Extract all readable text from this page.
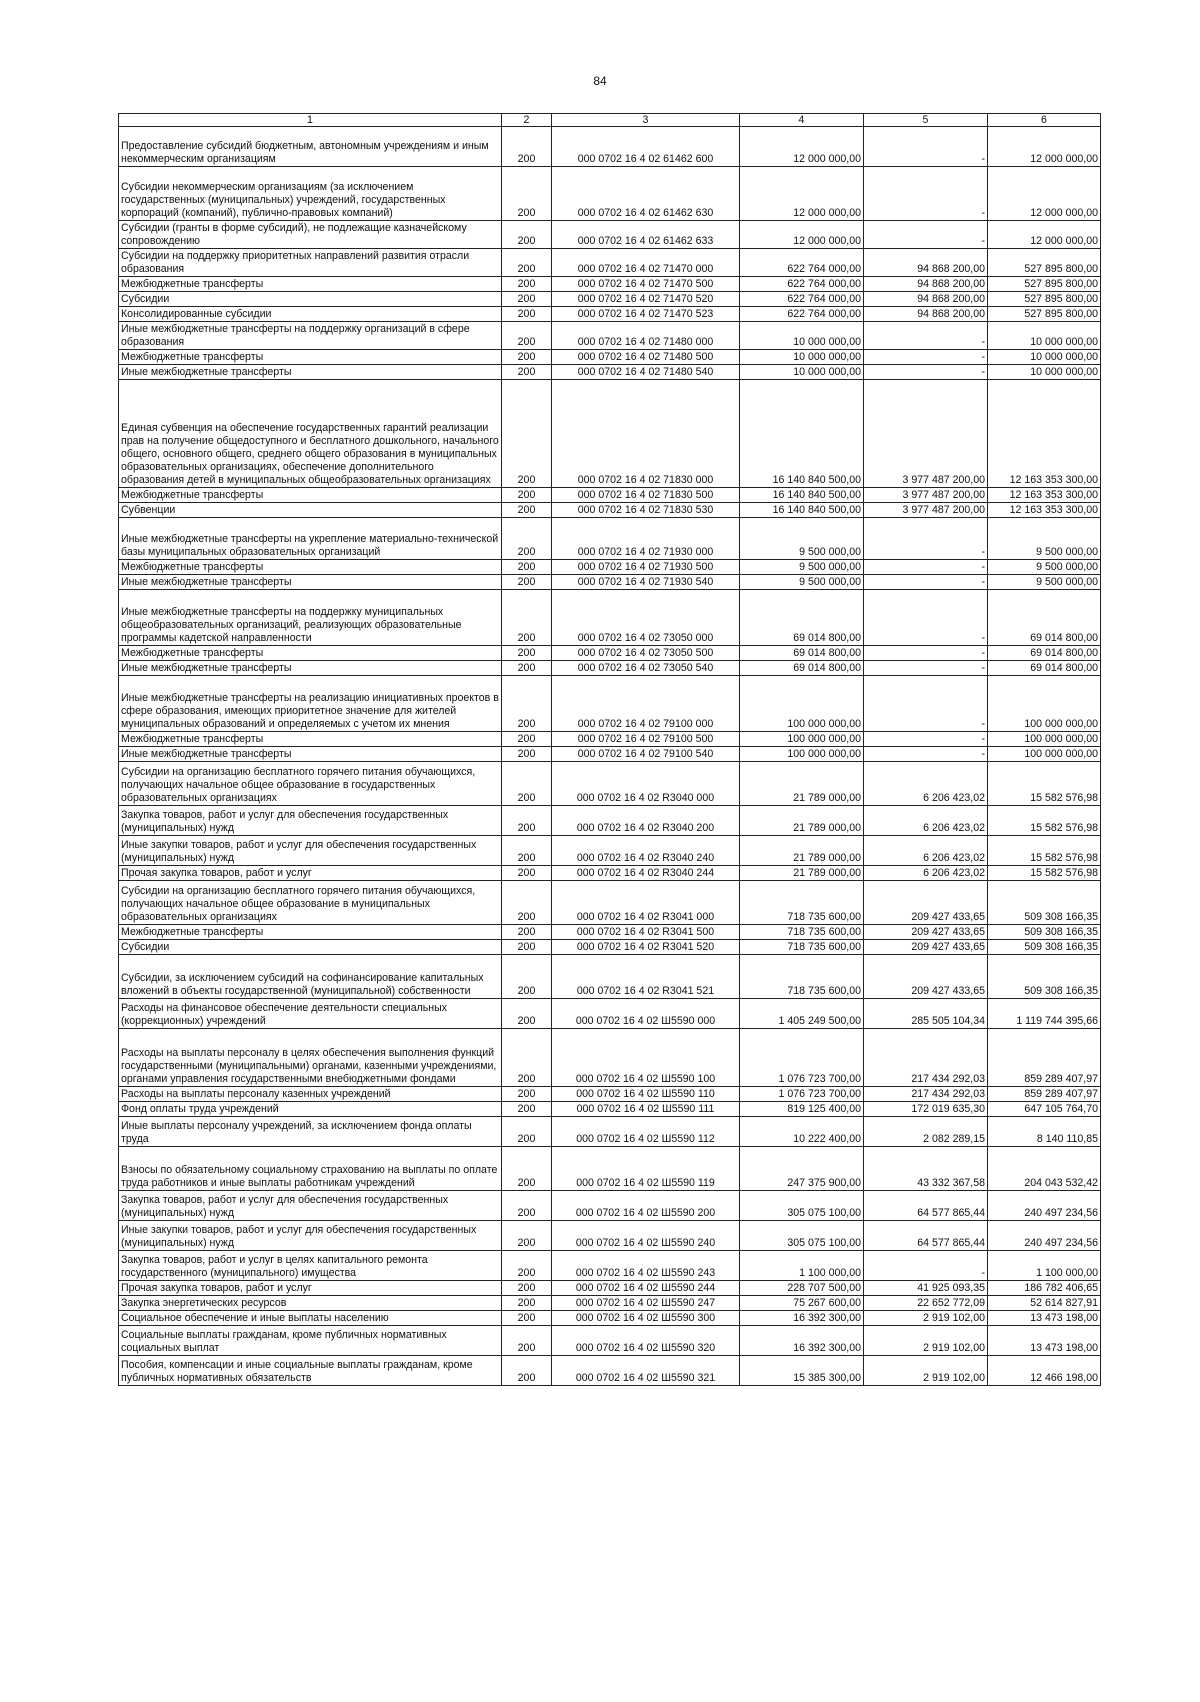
84
1	2	3	4	5	6
Предоставление субсидий бюджетным, автономным учреждениям и иным некоммерческим организациям	200	000 0702 16 4 02 61462 600	12 000 000,00	-	12 000 000,00
Субсидии некоммерческим организациям (за исключением государственных (муниципальных) учреждений, государственных корпораций (компаний), публично-правовых компаний)	200	000 0702 16 4 02 61462 630	12 000 000,00	-	12 000 000,00
Субсидии (гранты в форме субсидий), не подлежащие казначейскому сопровождению	200	000 0702 16 4 02 61462 633	12 000 000,00	-	12 000 000,00
Субсидии на поддержку приоритетных направлений развития отрасли образования	200	000 0702 16 4 02 71470 000	622 764 000,00	94 868 200,00	527 895 800,00
Межбюджетные трансферты	200	000 0702 16 4 02 71470 500	622 764 000,00	94 868 200,00	527 895 800,00
Субсидии	200	000 0702 16 4 02 71470 520	622 764 000,00	94 868 200,00	527 895 800,00
Консолидированные субсидии	200	000 0702 16 4 02 71470 523	622 764 000,00	94 868 200,00	527 895 800,00
Иные межбюджетные трансферты на поддержку организаций в сфере образования	200	000 0702 16 4 02 71480 000	10 000 000,00	-	10 000 000,00
Межбюджетные трансферты	200	000 0702 16 4 02 71480 500	10 000 000,00	-	10 000 000,00
Иные межбюджетные трансферты	200	000 0702 16 4 02 71480 540	10 000 000,00	-	10 000 000,00
Единая субвенция на обеспечение государственных гарантий реализации прав на получение общедоступного и бесплатного дошкольного, начального общего, основного общего, среднего общего образования в муниципальных образовательных организациях, обеспечение дополнительного образования детей в муниципальных общеобразовательных организациях	200	000 0702 16 4 02 71830 000	16 140 840 500,00	3 977 487 200,00	12 163 353 300,00
Межбюджетные трансферты	200	000 0702 16 4 02 71830 500	16 140 840 500,00	3 977 487 200,00	12 163 353 300,00
Субвенции	200	000 0702 16 4 02 71830 530	16 140 840 500,00	3 977 487 200,00	12 163 353 300,00
Иные межбюджетные трансферты на укрепление материально-технической базы муниципальных образовательных организаций	200	000 0702 16 4 02 71930 000	9 500 000,00	-	9 500 000,00
Межбюджетные трансферты	200	000 0702 16 4 02 71930 500	9 500 000,00	-	9 500 000,00
Иные межбюджетные трансферты	200	000 0702 16 4 02 71930 540	9 500 000,00	-	9 500 000,00
Иные межбюджетные трансферты на поддержку муниципальных общеобразовательных организаций, реализующих образовательные программы кадетской направленности	200	000 0702 16 4 02 73050 000	69 014 800,00	-	69 014 800,00
Межбюджетные трансферты	200	000 0702 16 4 02 73050 500	69 014 800,00	-	69 014 800,00
Иные межбюджетные трансферты	200	000 0702 16 4 02 73050 540	69 014 800,00	-	69 014 800,00
Иные межбюджетные трансферты на реализацию инициативных проектов в сфере образования, имеющих приоритетное значение для жителей муниципальных образований и определяемых с учетом их мнения	200	000 0702 16 4 02 79100 000	100 000 000,00	-	100 000 000,00
Межбюджетные трансферты	200	000 0702 16 4 02 79100 500	100 000 000,00	-	100 000 000,00
Иные межбюджетные трансферты	200	000 0702 16 4 02 79100 540	100 000 000,00	-	100 000 000,00
Субсидии на организацию бесплатного горячего питания обучающихся, получающих начальное общее образование в государственных образовательных организациях	200	000 0702 16 4 02 R3040 000	21 789 000,00	6 206 423,02	15 582 576,98
Закупка товаров, работ и услуг для обеспечения государственных (муниципальных) нужд	200	000 0702 16 4 02 R3040 200	21 789 000,00	6 206 423,02	15 582 576,98
Иные закупки товаров, работ и услуг для обеспечения государственных (муниципальных) нужд	200	000 0702 16 4 02 R3040 240	21 789 000,00	6 206 423,02	15 582 576,98
Прочая закупка товаров, работ и услуг	200	000 0702 16 4 02 R3040 244	21 789 000,00	6 206 423,02	15 582 576,98
Субсидии на организацию бесплатного горячего питания обучающихся, получающих начальное общее образование в муниципальных образовательных организациях	200	000 0702 16 4 02 R3041 000	718 735 600,00	209 427 433,65	509 308 166,35
Межбюджетные трансферты	200	000 0702 16 4 02 R3041 500	718 735 600,00	209 427 433,65	509 308 166,35
Субсидии	200	000 0702 16 4 02 R3041 520	718 735 600,00	209 427 433,65	509 308 166,35
Субсидии, за исключением субсидий на софинансирование капитальных вложений в объекты государственной (муниципальной) собственности	200	000 0702 16 4 02 R3041 521	718 735 600,00	209 427 433,65	509 308 166,35
Расходы на финансовое обеспечение деятельности специальных (коррекционных) учреждений	200	000 0702 16 4 02 Ш5590 000	1 405 249 500,00	285 505 104,34	1 119 744 395,66
Расходы на выплаты персоналу в целях обеспечения выполнения функций государственными (муниципальными) органами, казенными учреждениями, органами управления государственными внебюджетными фондами	200	000 0702 16 4 02 Ш5590 100	1 076 723 700,00	217 434 292,03	859 289 407,97
Расходы на выплаты персоналу казенных учреждений	200	000 0702 16 4 02 Ш5590 110	1 076 723 700,00	217 434 292,03	859 289 407,97
Фонд оплаты труда учреждений	200	000 0702 16 4 02 Ш5590 111	819 125 400,00	172 019 635,30	647 105 764,70
Иные выплаты персоналу учреждений, за исключением фонда оплаты труда	200	000 0702 16 4 02 Ш5590 112	10 222 400,00	2 082 289,15	8 140 110,85
Взносы по обязательному социальному страхованию на выплаты по оплате труда работников и иные выплаты работникам учреждений	200	000 0702 16 4 02 Ш5590 119	247 375 900,00	43 332 367,58	204 043 532,42
Закупка товаров, работ и услуг для обеспечения государственных (муниципальных) нужд	200	000 0702 16 4 02 Ш5590 200	305 075 100,00	64 577 865,44	240 497 234,56
Иные закупки товаров, работ и услуг для обеспечения государственных (муниципальных) нужд	200	000 0702 16 4 02 Ш5590 240	305 075 100,00	64 577 865,44	240 497 234,56
Закупка товаров, работ и услуг в целях капитального ремонта государственного (муниципального) имущества	200	000 0702 16 4 02 Ш5590 243	1 100 000,00	-	1 100 000,00
Прочая закупка товаров, работ и услуг	200	000 0702 16 4 02 Ш5590 244	228 707 500,00	41 925 093,35	186 782 406,65
Закупка энергетических ресурсов	200	000 0702 16 4 02 Ш5590 247	75 267 600,00	22 652 772,09	52 614 827,91
Социальное обеспечение и иные выплаты населению	200	000 0702 16 4 02 Ш5590 300	16 392 300,00	2 919 102,00	13 473 198,00
Социальные выплаты гражданам, кроме публичных нормативных социальных выплат	200	000 0702 16 4 02 Ш5590 320	16 392 300,00	2 919 102,00	13 473 198,00
Пособия, компенсации и иные социальные выплаты гражданам, кроме публичных нормативных обязательств	200	000 0702 16 4 02 Ш5590 321	15 385 300,00	2 919 102,00	12 466 198,00
